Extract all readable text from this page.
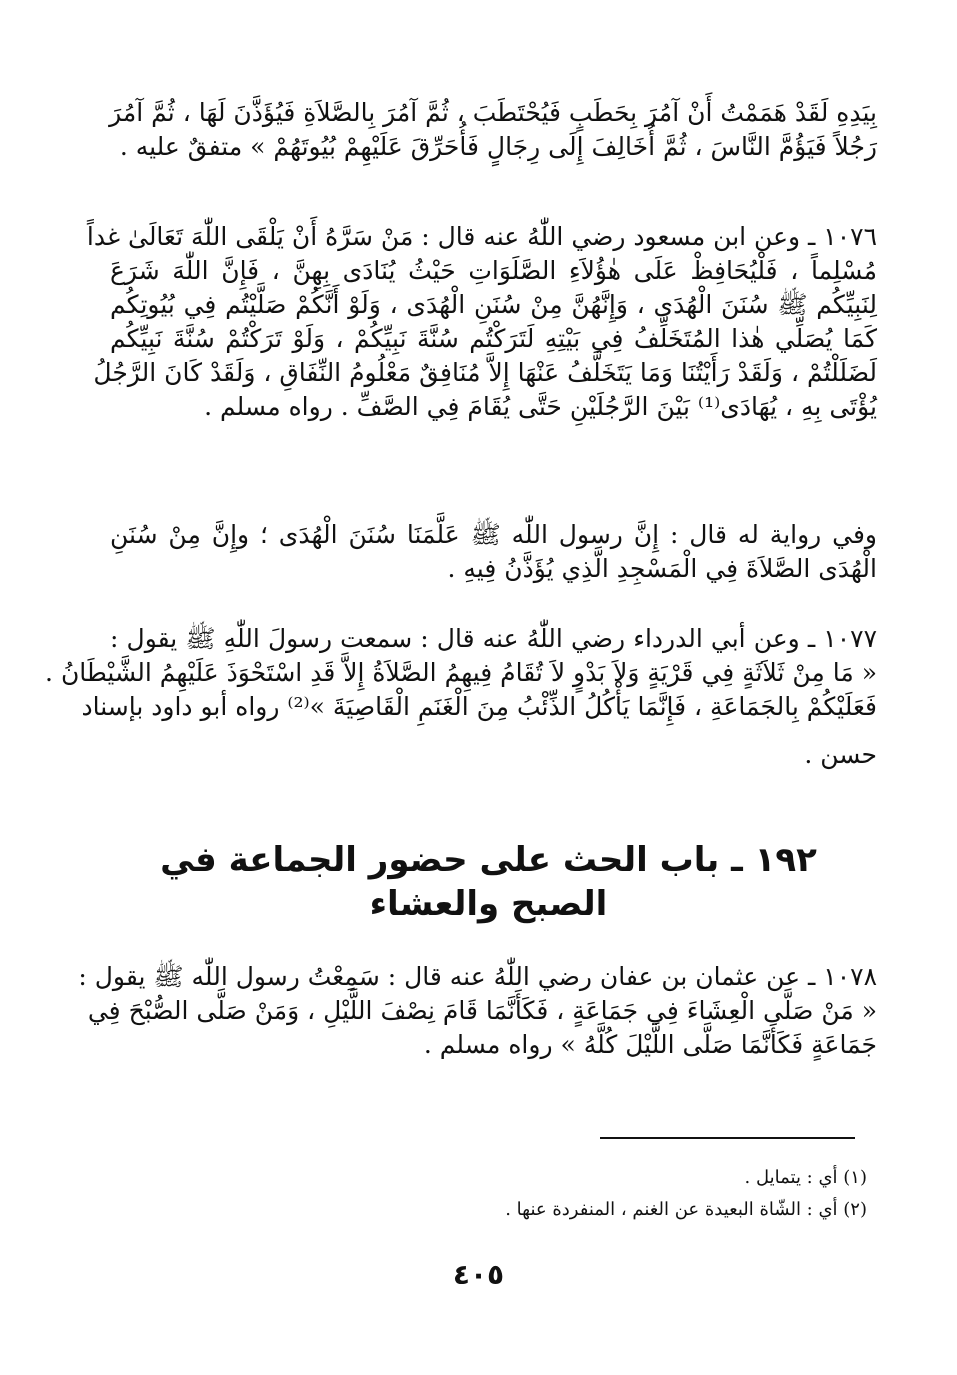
بِيَدِهِ لَقَدْ هَمَمْتُ أَنْ آمُرَ بِحَطَبٍ فَيُحْتَطَبَ ، ثُمَّ آمُرَ بِالصَّلاَةِ فَيُؤَذَّنَ لَهَا ، ثُمَّ آمُرَ
رَجُلاً فَيَؤُمَّ النَّاسَ ، ثُمَّ أُخَالِفَ إِلَى رِجَالٍ فَأُحَرِّقَ عَلَيْهِمْ بُيُوتَهُمْ » متفقٌ عليه .
١٠٧٦ ـ وعن ابن مسعود رضي اللّٰهُ عنه قال : مَنْ سَرَّهُ أَنْ يَلْقَى اللّٰهَ تَعَالَىٰ غداً
مُسْلِماً ، فَلْيُحَافِظْ عَلَى هٰؤُلاَءِ الصَّلَوَاتِ حَيْثُ يُنَادَى بِهِنَّ ، فَإِنَّ اللّٰهَ شَرَعَ
لِنَبِيِّكُم ﷺ سُنَنَ الْهُدَى ، وَإِنَّهُنَّ مِنْ سُنَنِ الْهُدَى ، وَلَوْ أَنَّكُمْ صَلَّيْتُم فِي بُيُوتِكُم
كَمَا يُصَلِّي هٰذا المُتَخَلِّفُ فِي بَيْتِهِ لَتَرَكْتُم سُنَّةَ نَبِيِّكُمْ ، وَلَوْ تَرَكْتُمْ سُنَّةَ نَبِيِّكُم
لَضَلَلْتُمْ ، وَلَقَدْ رَأَيْتُنَا وَمَا يَتَخَلَّفُ عَنْهَا إِلاَّ مُنَافِقٌ مَعْلُومُ النِّفَاقِ ، وَلَقَدْ كَانَ الرَّجُلُ
يُؤْتَى بِهِ ، يُهَادَى⁽¹⁾ بَيْنَ الرَّجُلَيْنِ حَتَّى يُقَامَ فِي الصَّفِّ . رواه مسلم .
وفي رواية له قال : إِنَّ رسول اللّٰه ﷺ عَلَّمَنَا سُنَنَ الْهُدَى ؛ وإِنَّ مِنْ سُنَنِ
الْهُدَى الصَّلاَةَ فِي الْمَسْجِدِ الَّذِي يُؤَذَّنُ فِيهِ .
١٠٧٧ ـ وعن أبي الدرداء رضي اللّٰهُ عنه قال : سمعت رسولَ اللّٰهِ ﷺ يقول :
« مَا مِنْ ثَلاَثَةٍ فِي قَرْيَةٍ وَلاَ بَدْوٍ لاَ تُقَامُ فِيهِمُ الصَّلاَةُ إِلاَّ قَدِ اسْتَحْوَذَ عَلَيْهِمُ الشَّيْطَانُ .
فَعَلَيْكُمْ بِالجَمَاعَةِ ، فَإِنَّمَا يَأْكُلُ الذِّئْبُ مِنَ الْغَنَمِ الْقَاصِيَةَ »⁽²⁾ رواه أبو داود بإسناد
حسن .
١٩٢ ـ باب الحث على حضور الجماعة في الصبح والعشاء
١٠٧٨ ـ عن عثمان بن عفان رضي اللّٰهُ عنه قال : سَمِعْتُ رسول اللّٰه ﷺ يقول :
« مَنْ صَلَّى الْعِشَاءَ فِي جَمَاعَةٍ ، فَكَأَنَّمَا قَامَ نِصْفَ اللَّيْلِ ، وَمَنْ صَلَّى الصُّبْحَ فِي
جَمَاعَةٍ فَكَأَنَّمَا صَلَّى اللَّيْلَ كُلَّهُ » رواه مسلم .
(١) أي : يتمايل .
(٢) أي : الشّاة البعيدة عن الغنم ، المنفردة عنها .
٤٠٥
